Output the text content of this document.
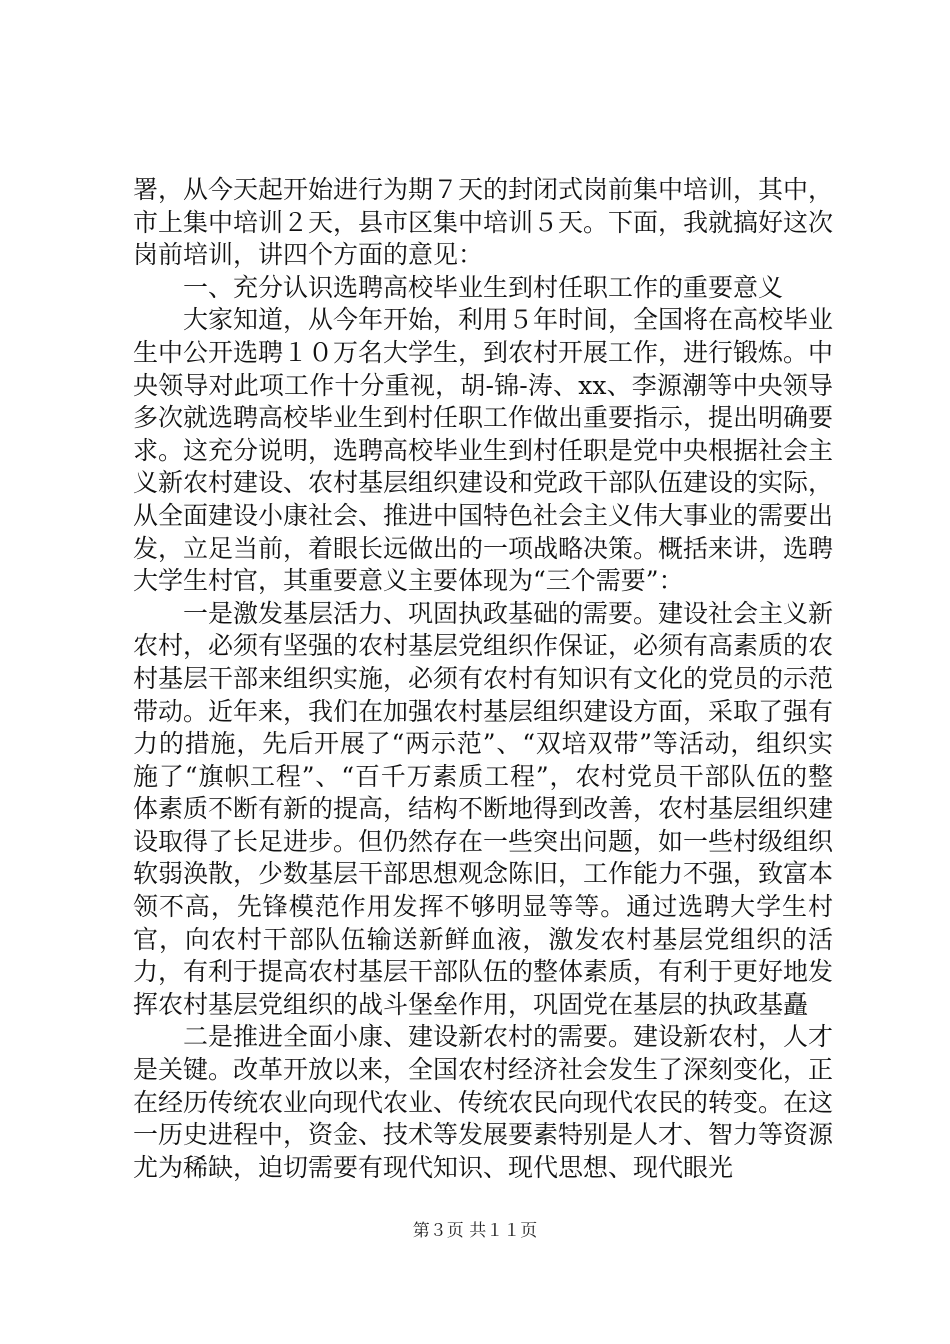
署，从今天起开始进行为期７天的封闭式岗前集中培训，其中，市上集中培训２天，县市区集中培训５天。下面，我就搞好这次岗前培训，讲四个方面的意见：

一、充分认识选聘高校毕业生到村任职工作的重要意义

大家知道，从今年开始，利用５年时间，全国将在高校毕业生中公开选聘１０万名大学生，到农村开展工作，进行锻炼。中央领导对此项工作十分重视，胡-锦-涛、xx、李源潮等中央领导多次就选聘高校毕业生到村任职工作做出重要指示，提出明确要求。这充分说明，选聘高校毕业生到村任职是党中央根据社会主义新农村建设、农村基层组织建设和党政干部队伍建设的实际，从全面建设小康社会、推进中国特色社会主义伟大事业的需要出发，立足当前，着眼长远做出的一项战略决策。概括来讲，选聘大学生村官，其重要意义主要体现为“三个需要”：

一是激发基层活力、巩固执政基础的需要。建设社会主义新农村，必须有坚强的农村基层党组织作保证，必须有高素质的农村基层干部来组织实施，必须有农村有知识有文化的党员的示范带动。近年来，我们在加强农村基层组织建设方面，采取了强有力的措施，先后开展了“两示范”、“双培双带”等活动，组织实施了“旗帜工程”、“百千万素质工程”，农村党员干部队伍的整体素质不断有新的提高，结构不断地得到改善，农村基层组织建设取得了长足进步。但仍然存在一些突出问题，如一些村级组织软弱涣散，少数基层干部思想观念陈旧，工作能力不强，致富本领不高，先锋模范作用发挥不够明显等等。通过选聘大学生村官，向农村干部队伍输送新鲜血液，激发农村基层党组织的活力，有利于提高农村基层干部队伍的整体素质，有利于更好地发挥农村基层党组织的战斗堡垒作用，巩固党在基层的执政基矗

二是推进全面小康、建设新农村的需要。建设新农村，人才是关键。改革开放以来，全国农村经济社会发生了深刻变化，正在经历传统农业向现代农业、传统农民向现代农民的转变。在这一历史进程中，资金、技术等发展要素特别是人才、智力等资源尤为稀缺，迫切需要有现代知识、现代思想、现代眼光

第３页 共１１页
